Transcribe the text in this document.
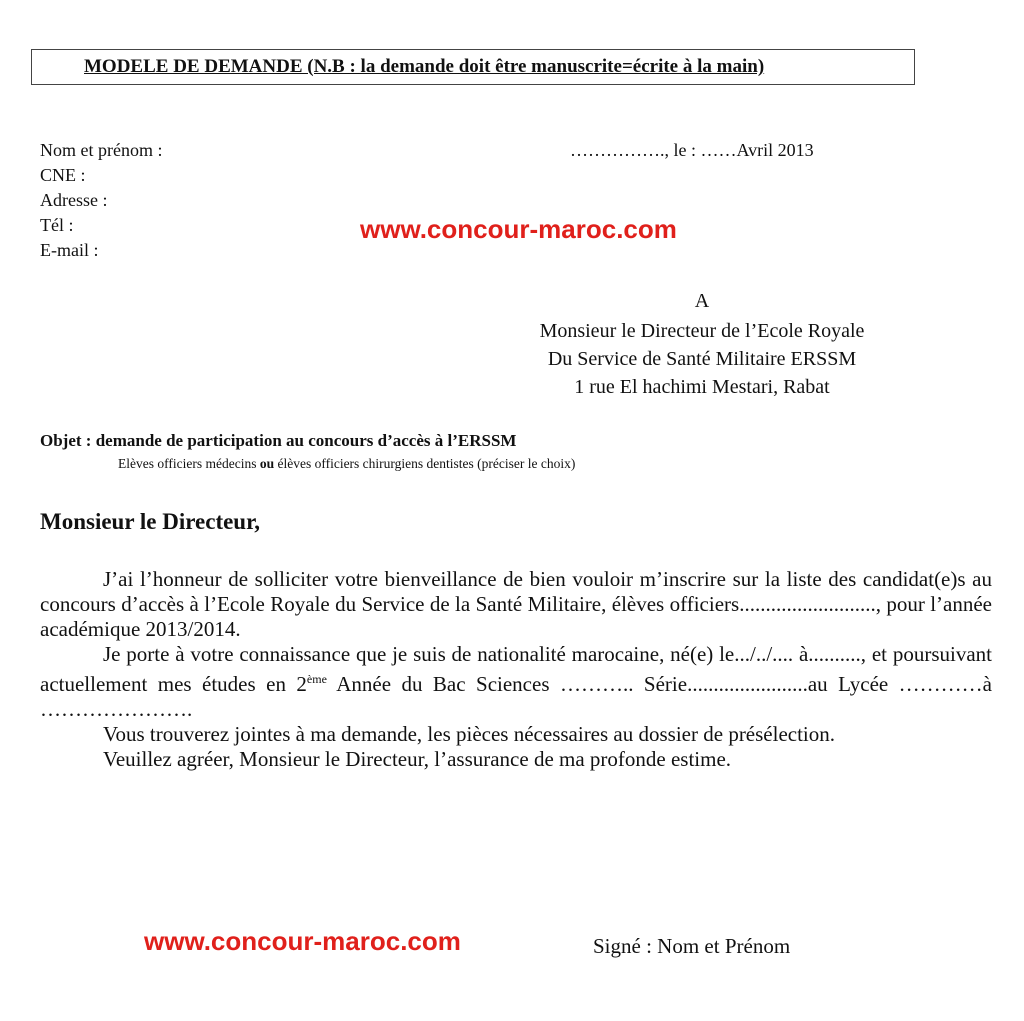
MODELE DE DEMANDE (N.B : la demande doit être manuscrite=écrite à la main)
Nom et prénom :
CNE :
Adresse :
Tél :
E-mail :
……………., le : ……Avril 2013
www.concour-maroc.com
A
Monsieur le Directeur de l’Ecole Royale
Du Service de Santé Militaire ERSSM
1 rue El hachimi Mestari, Rabat
Objet : demande de participation au concours d’accès à l’ERSSM
Elèves officiers médecins ou élèves officiers chirurgiens dentistes (préciser le choix)
Monsieur le Directeur,

J’ai l’honneur de solliciter votre bienveillance de bien vouloir m’inscrire sur la liste des candidat(e)s au concours d’accès à l’Ecole Royale du Service de la Santé Militaire, élèves officiers.........................., pour l’année académique 2013/2014.

Je porte à votre connaissance que je suis de nationalité marocaine, né(e) le.../../.... à.........., et poursuivant actuellement mes études en 2ème Année du Bac Sciences ……….. Série.......................au Lycée …………à ………………….

Vous trouverez jointes à ma demande, les pièces nécessaires au dossier de présélection.

Veuillez agréer, Monsieur le Directeur, l’assurance de ma profonde estime.

www.concour-maroc.com	Signé : Nom et Prénom
